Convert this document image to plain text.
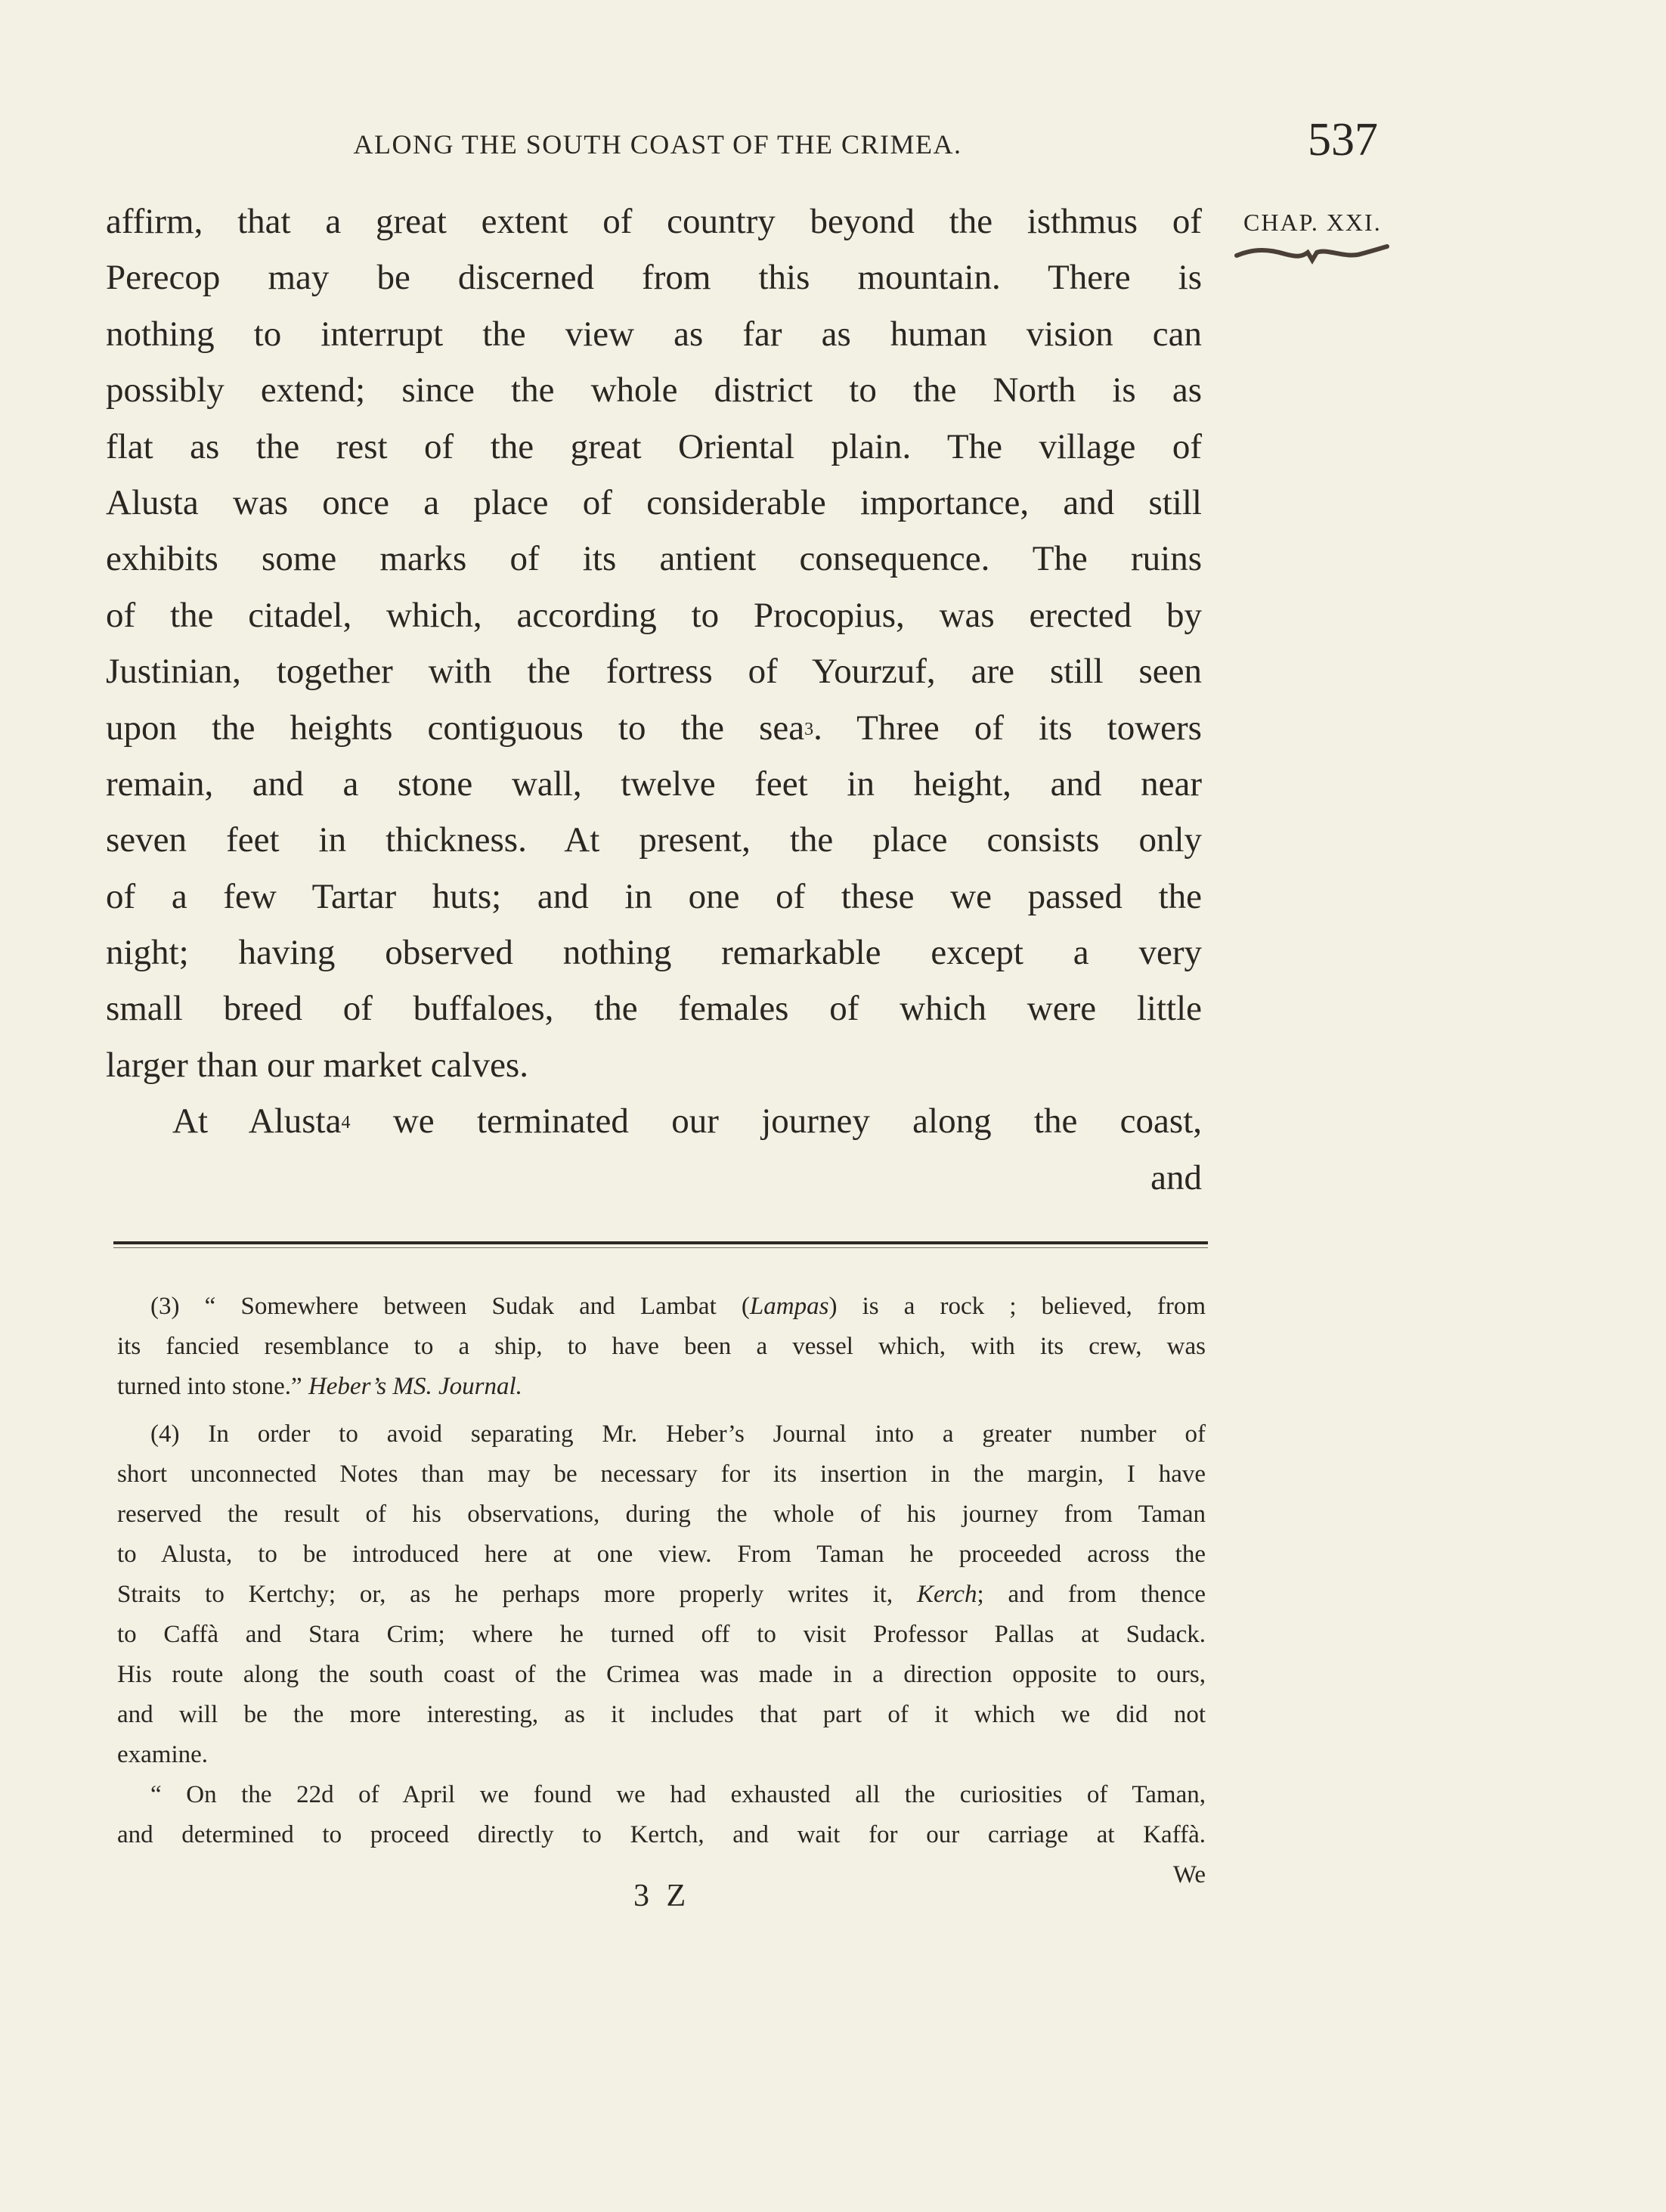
ALONG THE SOUTH COAST OF THE CRIMEA.	537
CHAP. XXI.
affirm, that a great extent of country beyond the isthmus of
Perecop may be discerned from this mountain. There is
nothing to interrupt the view as far as human vision can
possibly extend; since the whole district to the North is as
flat as the rest of the great Oriental plain. The village of
Alusta was once a place of considerable importance, and still
exhibits some marks of its antient consequence. The ruins
of the citadel, which, according to Procopius, was erected by
Justinian, together with the fortress of Yourzuf, are still seen
upon the heights contiguous to the sea$^3$. Three of its towers
remain, and a stone wall, twelve feet in height, and near
seven feet in thickness. At present, the place consists only
of a few Tartar huts; and in one of these we passed the
night; having observed nothing remarkable except a very
small breed of buffaloes, the females of which were little
larger than our market calves.
At Alusta$^4$ we terminated our journey along the coast,
and
(3) “ Somewhere between Sudak and Lambat (Lampas) is a rock ; believed, from
its fancied resemblance to a ship, to have been a vessel which, with its crew, was
turned into stone.” Heber’s MS. Journal.
(4) In order to avoid separating Mr. Heber’s Journal into a greater number of
short unconnected Notes than may be necessary for its insertion in the margin, I have
reserved the result of his observations, during the whole of his journey from Taman
to Alusta, to be introduced here at one view. From Taman he proceeded across the
Straits to Kertchy; or, as he perhaps more properly writes it, Kerch; and from thence
to Caffà and Stara Crim; where he turned off to visit Professor Pallas at Sudack.
His route along the south coast of the Crimea was made in a direction opposite to ours,
and will be the more interesting, as it includes that part of it which we did not
examine.
“ On the 22d of April we found we had exhausted all the curiosities of Taman,
and determined to proceed directly to Kertch, and wait for our carriage at Kaffà.
We
3 Z
